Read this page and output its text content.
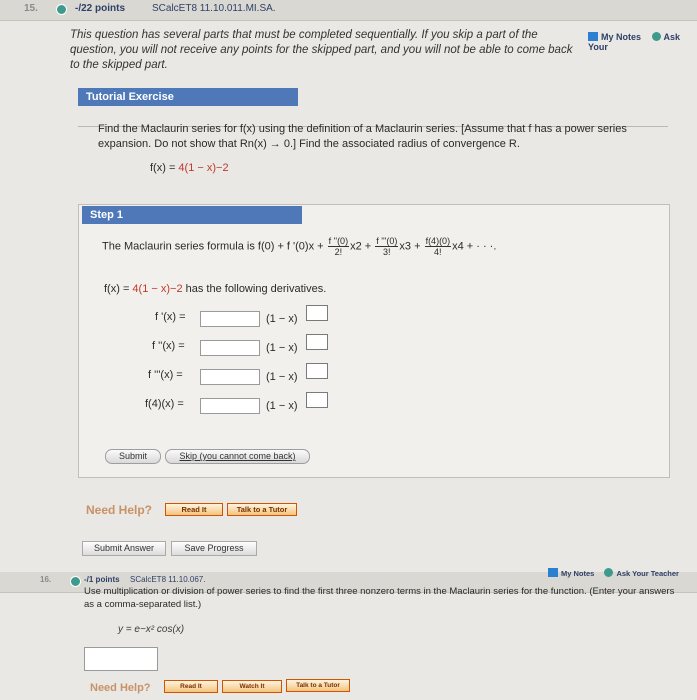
15.	-/22 points	SCalcET8 11.10.011.MI.SA.
My Notes	Ask Your
This question has several parts that must be completed sequentially. If you skip a part of the question, you will not receive any points for the skipped part, and you will not be able to come back to the skipped part.
Tutorial Exercise
Find the Maclaurin series for f(x) using the definition of a Maclaurin series. [Assume that f has a power series
expansion. Do not show that Rn(x) → 0.] Find the associated radius of convergence R.
f(x) = 4(1 − x)−2
Step 1
The Maclaurin series formula is f(0) + f '$(0)x + \frac{f ''(0)}{2!} x2 + \frac{f '''(0)}{3!} x3 + \frac{f(4)(0)}{4!} x4$ + · · ·.
f(x) = 4(1 − x)−2 has the following derivatives.
f '(x) =	(1 − x)
f ''(x) =	(1 − x)
f '''(x) =	(1 − x)
f(4)(x) =	(1 − x)
Submit	Skip (you cannot come back)
Need Help?	Read It	Talk to a Tutor
Submit Answer	Save Progress
16.	-/1 points SCalcET8 11.10.067.
My Notes	Ask Your Teacher
Use multiplication or division of power series to find the first three nonzero terms in the Maclaurin series for the function. (Enter your answers as a comma-separated list.)
y = e−x² cos(x)
Need Help?	Read It	Watch It	Talk to a Tutor
